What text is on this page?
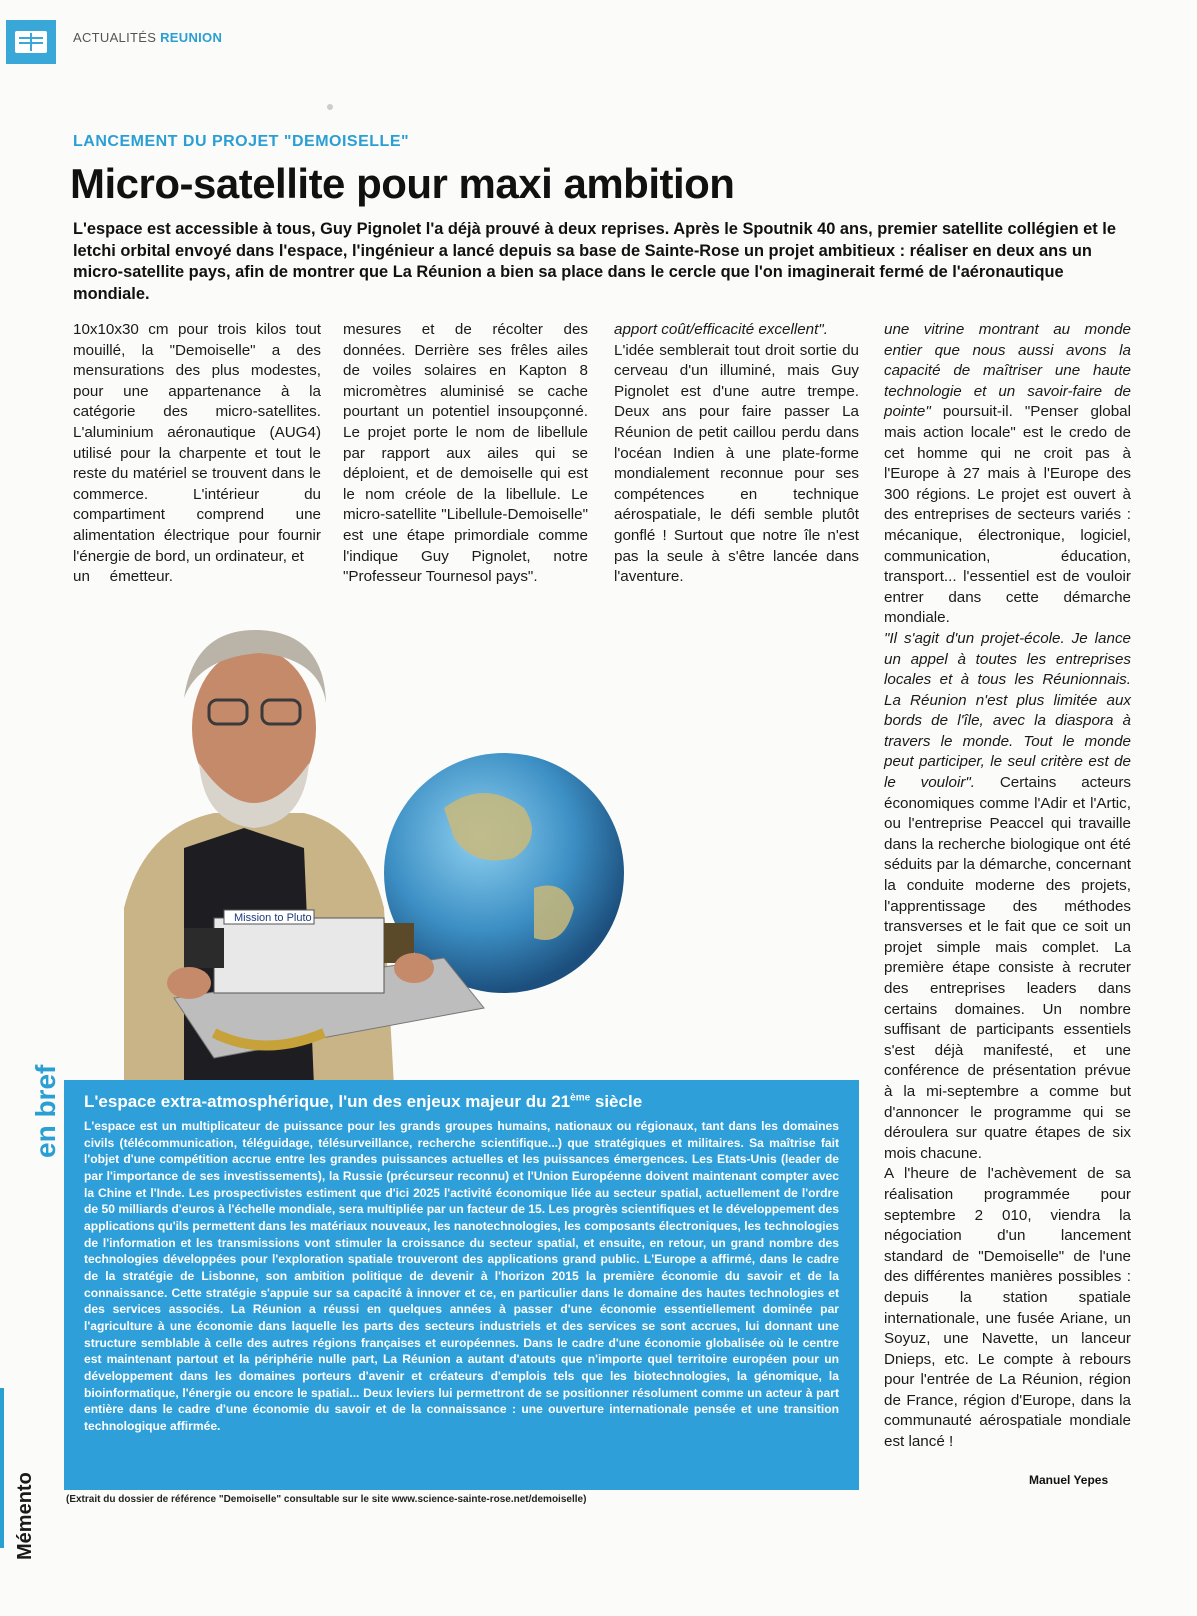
ACTUALITÉS REUNION
LANCEMENT DU PROJET "DEMOISELLE"
Micro-satellite pour maxi ambition
L'espace est accessible à tous, Guy Pignolet l'a déjà prouvé à deux reprises. Après le Spoutnik 40 ans, premier satellite collégien et le letchi orbital envoyé dans l'espace, l'ingénieur a lancé depuis sa base de Sainte-Rose un projet ambitieux : réaliser en deux ans un micro-satellite pays, afin de montrer que La Réunion a bien sa place dans le cercle que l'on imaginerait fermé de l'aéronautique mondiale.

10x10x30 cm pour trois kilos tout mouillé, la "Demoiselle" a des mensurations des plus modestes, pour une appartenance à la catégorie des micro-satellites. L'aluminium aéronautique (AUG4) utilisé pour la charpente et tout le reste du matériel se trouvent dans le commerce. L'intérieur du compartiment comprend une alimentation électrique pour fournir l'énergie de bord, un ordinateur, et

un émetteur.

mesures et de récolter des données. Derrière ses frêles ailes de voiles solaires en Kapton 8 micromètres aluminisé se cache pourtant un potentiel insoupçonné. Le projet porte le nom de libellule par rapport aux ailes qui se déploient, et de demoiselle qui est le nom créole de la libellule. Le micro-satellite "Libellule-Demoiselle" est une étape primordiale comme l'indique Guy Pignolet, notre "Professeur Tournesol pays".

apport coût/efficacité excellent".

L'idée semblerait tout droit sortie du cerveau d'un illuminé, mais Guy Pignolet est d'une autre trempe. Deux ans pour faire passer La Réunion de petit caillou perdu dans l'océan Indien à une plate-forme mondialement reconnue pour ses compétences en technique aérospatiale, le défi semble plutôt gonflé ! Surtout que notre île n'est pas la seule à s'être lancée dans l'aventure.

une vitrine montrant au monde entier que nous aussi avons la capacité de maîtriser une haute technologie et un savoir-faire de pointe" poursuit-il. "Penser global mais action locale" est le credo de cet homme qui ne croit pas à l'Europe à 27 mais à l'Europe des 300 régions. Le projet est ouvert à des entreprises de secteurs variés : mécanique, électronique, logiciel, communication, éducation, transport... l'essentiel est de vouloir entrer dans cette démarche mondiale.

"Il s'agit d'un projet-école. Je lance un appel à toutes les entreprises locales et à tous les Réunionnais. La Réunion n'est plus limitée aux bords de l'île, avec la diaspora à travers le monde. Tout le monde peut participer, le seul critère est de le vouloir". Certains acteurs économiques comme l'Adir et l'Artic, ou l'entreprise Peaccel qui travaille dans la recherche biologique ont été séduits par la démarche, concernant la conduite moderne des projets, l'apprentissage des méthodes transverses et le fait que ce soit un projet simple mais complet. La première étape consiste à recruter des entreprises leaders dans certains domaines. Un nombre suffisant de participants essentiels s'est déjà manifesté, et une conférence de présentation prévue à la mi-septembre a comme but d'annoncer le programme qui se déroulera sur quatre étapes de six mois chacune.

A l'heure de l'achèvement de sa réalisation programmée pour septembre 2 010, viendra la négociation d'un lancement standard de "Demoiselle" de l'une des différentes manières possibles : depuis la station spatiale internationale, une fusée Ariane, un Soyuz, une Navette, un lanceur Dnieps, etc. Le compte à rebours pour l'entrée de La Réunion, région de France, région d'Europe, dans la communauté aérospatiale mondiale est lancé !

Mission to Pluto
en bref L'espace extra-atmosphérique, l'un des enjeux majeur du 21ème siècle
L'espace est un multiplicateur de puissance pour les grands groupes humains, nationaux ou régionaux, tant dans les domaines civils (télécommunication, téléguidage, télésurveillance, recherche scientifique...) que stratégiques et militaires. Sa maîtrise fait l'objet d'une compétition accrue entre les grandes puissances actuelles et les puissances émergences. Les Etats-Unis (leader de par l'importance de ses investissements), la Russie (précurseur reconnu) et l'Union Européenne doivent maintenant compter avec la Chine et l'Inde. Les prospectivistes estiment que d'ici 2025 l'activité économique liée au secteur spatial, actuellement de l'ordre de 50 milliards d'euros à l'échelle mondiale, sera multipliée par un facteur de 15. Les progrès scientifiques et le développement des applications qu'ils permettent dans les matériaux nouveaux, les nanotechnologies, les composants électroniques, les technologies de l'information et les transmissions vont stimuler la croissance du secteur spatial, et ensuite, en retour, un grand nombre des technologies développées pour l'exploration spatiale trouveront des applications grand public. L'Europe a affirmé, dans le cadre de la stratégie de Lisbonne, son ambition politique de devenir à l'horizon 2015 la première économie du savoir et de la connaissance. Cette stratégie s'appuie sur sa capacité à innover et ce, en particulier dans le domaine des hautes technologies et des services associés. La Réunion a réussi en quelques années à passer d'une économie essentiellement dominée par l'agriculture à une économie dans laquelle les parts des secteurs industriels et des services se sont accrues, lui donnant une structure semblable à celle des autres régions françaises et européennes. Dans le cadre d'une économie globalisée où le centre est maintenant partout et la périphérie nulle part, La Réunion a autant d'atouts que n'importe quel territoire européen pour un développement dans les domaines porteurs d'avenir et créateurs d'emplois tels que les biotechnologies, la génomique, la bioinformatique, l'énergie ou encore le spatial... Deux leviers lui permettront de se positionner résolument comme un acteur à part entière dans le cadre d'une économie du savoir et de la connaissance : une ouverture internationale pensée et une transition technologique affirmée.
(Extrait du dossier de référence "Demoiselle" consultable sur le site www.science-sainte-rose.net/demoiselle)
Manuel Yepes
Mémento
